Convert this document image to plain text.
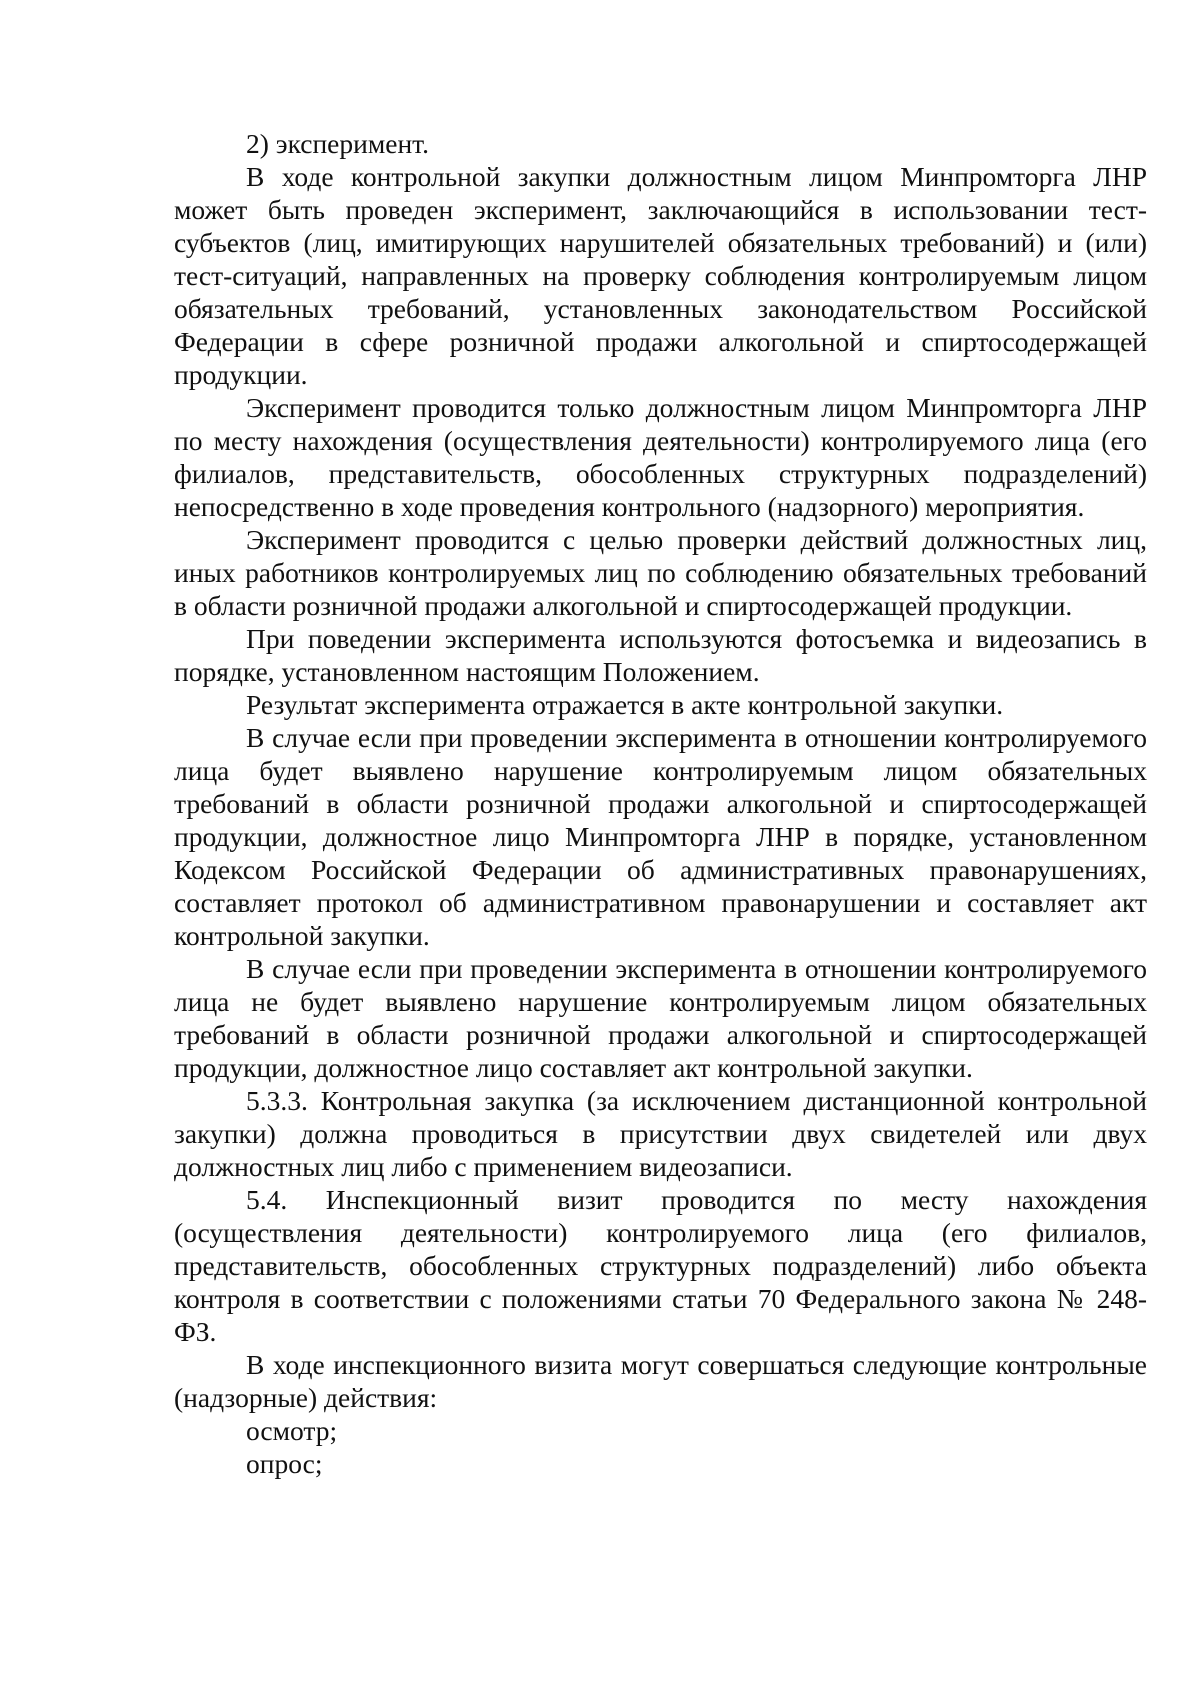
2) эксперимент.

В ходе контрольной закупки должностным лицом Минпромторга ЛНР может быть проведен эксперимент, заключающийся в использовании тест-субъектов (лиц, имитирующих нарушителей обязательных требований) и (или) тест-ситуаций, направленных на проверку соблюдения контролируемым лицом обязательных требований, установленных законодательством Российской Федерации в сфере розничной продажи алкогольной и спиртосодержащей продукции.

Эксперимент проводится только должностным лицом Минпромторга ЛНР по месту нахождения (осуществления деятельности) контролируемого лица (его филиалов, представительств, обособленных структурных подразделений) непосредственно в ходе проведения контрольного (надзорного) мероприятия.

Эксперимент проводится с целью проверки действий должностных лиц, иных работников контролируемых лиц по соблюдению обязательных требований в области розничной продажи алкогольной и спиртосодержащей продукции.

При поведении эксперимента используются фотосъемка и видеозапись в порядке, установленном настоящим Положением.

Результат эксперимента отражается в акте контрольной закупки.

В случае если при проведении эксперимента в отношении контролируемого лица будет выявлено нарушение контролируемым лицом обязательных требований в области розничной продажи алкогольной и спиртосодержащей продукции, должностное лицо Минпромторга ЛНР в порядке, установленном Кодексом Российской Федерации об административных правонарушениях, составляет протокол об административном правонарушении и составляет акт контрольной закупки.

В случае если при проведении эксперимента в отношении контролируемого лица не будет выявлено нарушение контролируемым лицом обязательных требований в области розничной продажи алкогольной и спиртосодержащей продукции, должностное лицо составляет акт контрольной закупки.

5.3.3. Контрольная закупка (за исключением дистанционной контрольной закупки) должна проводиться в присутствии двух свидетелей или двух должностных лиц либо с применением видеозаписи.

5.4. Инспекционный визит проводится по месту нахождения (осуществления деятельности) контролируемого лица (его филиалов, представительств, обособленных структурных подразделений) либо объекта контроля в соответствии с положениями статьи 70 Федерального закона № 248-ФЗ.

В ходе инспекционного визита могут совершаться следующие контрольные (надзорные) действия:

осмотр;

опрос;
